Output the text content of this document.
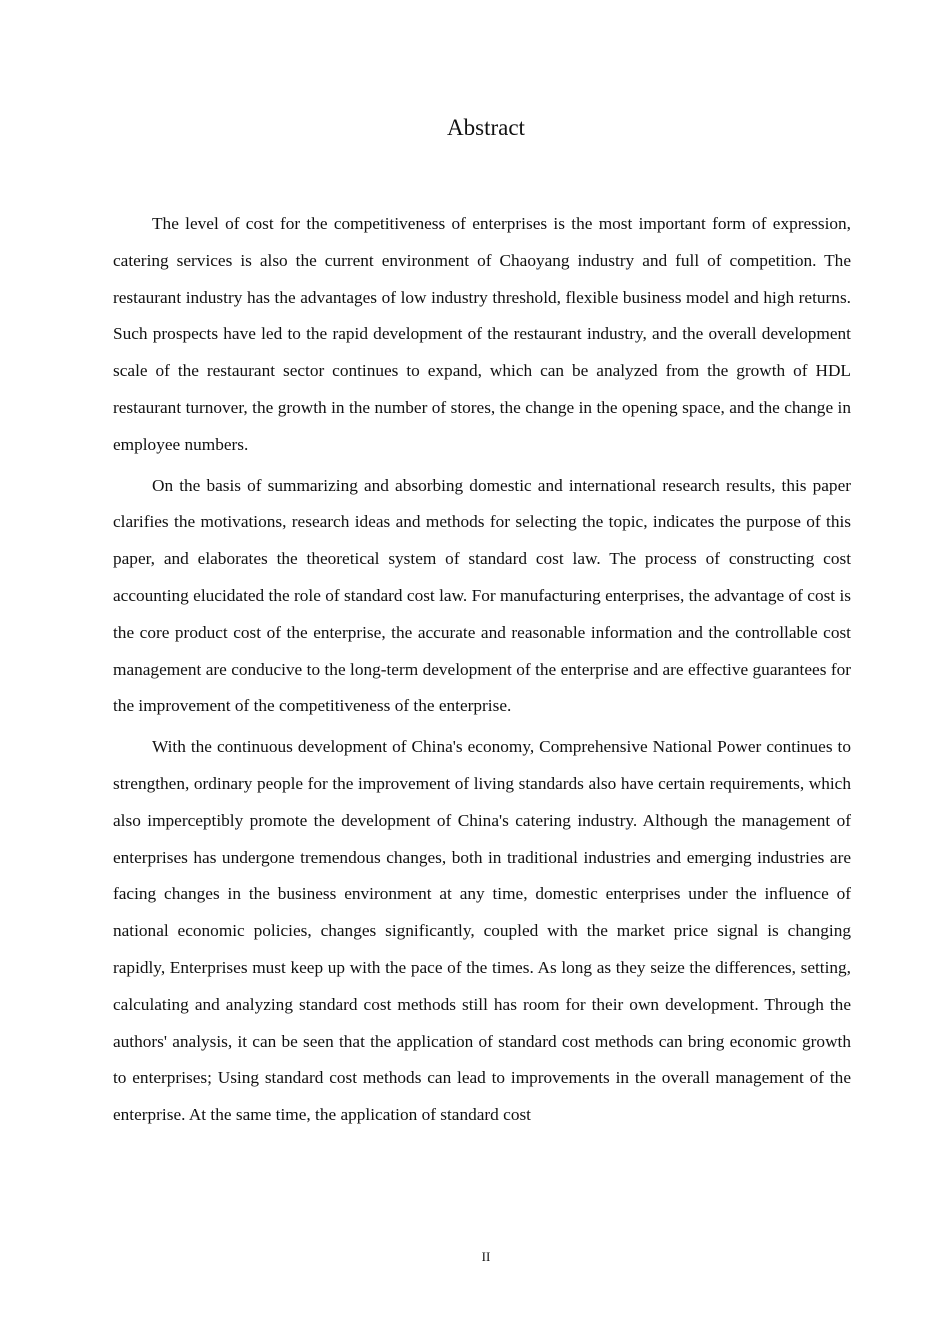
Abstract

The level of cost for the competitiveness of enterprises is the most important form of expression, catering services is also the current environment of Chaoyang industry and full of competition. The restaurant industry has the advantages of low industry threshold, flexible business model and high returns. Such prospects have led to the rapid development of the restaurant industry, and the overall development scale of the restaurant sector continues to expand, which can be analyzed from the growth of HDL restaurant turnover, the growth in the number of stores, the change in the opening space, and the change in employee numbers.

On the basis of summarizing and absorbing domestic and international research results, this paper clarifies the motivations, research ideas and methods for selecting the topic, indicates the purpose of this paper, and elaborates the theoretical system of standard cost law. The process of constructing cost accounting elucidated the role of standard cost law. For manufacturing enterprises, the advantage of cost is the core product cost of the enterprise, the accurate and reasonable information and the controllable cost management are conducive to the long-term development of the enterprise and are effective guarantees for the improvement of the competitiveness of the enterprise.

With the continuous development of China's economy, Comprehensive National Power continues to strengthen, ordinary people for the improvement of living standards also have certain requirements, which also imperceptibly promote the development of China's catering industry. Although the management of enterprises has undergone tremendous changes, both in traditional industries and emerging industries are facing changes in the business environment at any time, domestic enterprises under the influence of national economic policies, changes significantly, coupled with the market price signal is changing rapidly, Enterprises must keep up with the pace of the times. As long as they seize the differences, setting, calculating and analyzing standard cost methods still has room for their own development. Through the authors' analysis, it can be seen that the application of standard cost methods can bring economic growth to enterprises; Using standard cost methods can lead to improvements in the overall management of the enterprise. At the same time, the application of standard cost

II
